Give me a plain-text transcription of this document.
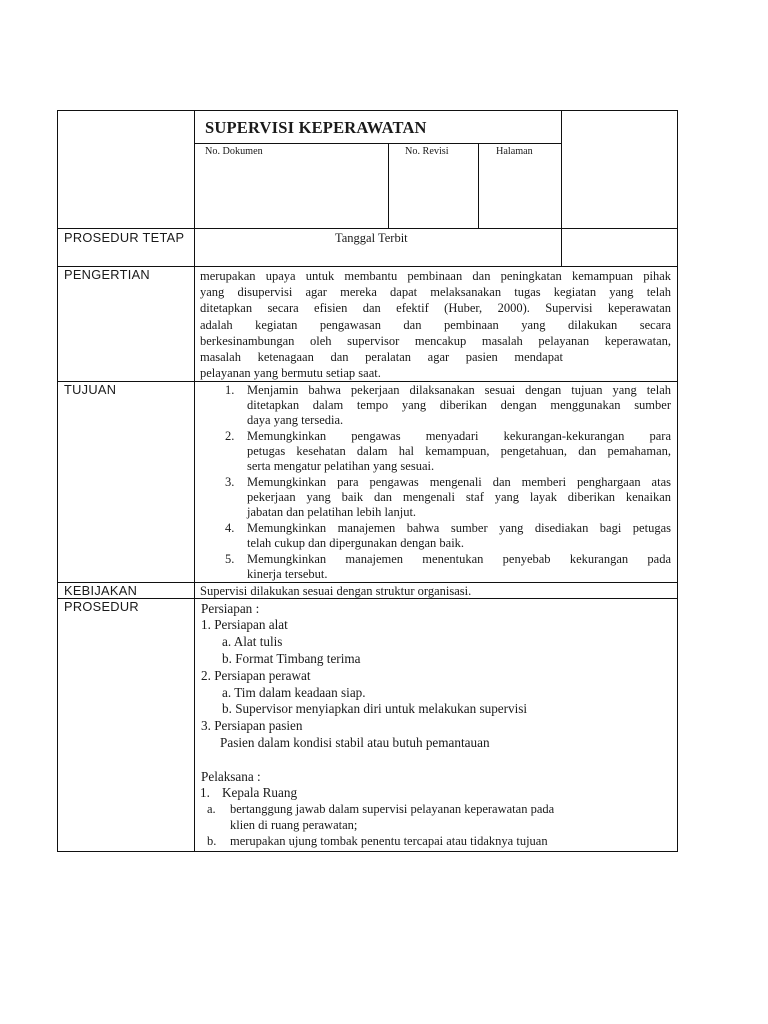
SUPERVISI KEPERAWATAN
No. Dokumen	No. Revisi	Halaman
PROSEDUR TETAP	Tanggal Terbit
PENGERTIAN	merupakan upaya untuk membantu pembinaan dan peningkatan kemampuan pihak
yang disupervisi agar mereka dapat melaksanakan tugas kegiatan yang telah
ditetapkan secara efisien dan efektif (Huber, 2000). Supervisi keperawatan
adalah kegiatan pengawasan dan pembinaan yang dilakukan secara
berkesinambungan oleh supervisor mencakup masalah pelayanan keperawatan,
masalah ketenagaan dan peralatan agar pasien mendapat
pelayanan yang bermutu setiap saat.
TUJUAN	1. Menjamin bahwa pekerjaan dilaksanakan sesuai dengan tujuan yang telah
ditetapkan dalam tempo yang diberikan dengan menggunakan sumber
daya yang tersedia.
2. Memungkinkan pengawas menyadari kekurangan-kekurangan para
petugas kesehatan dalam hal kemampuan, pengetahuan, dan pemahaman,
serta mengatur pelatihan yang sesuai.
3. Memungkinkan para pengawas mengenali dan memberi penghargaan atas
pekerjaan yang baik dan mengenali staf yang layak diberikan kenaikan
jabatan dan pelatihan lebih lanjut.
4. Memungkinkan manajemen bahwa sumber yang disediakan bagi petugas
telah cukup dan dipergunakan dengan baik.
5. Memungkinkan manajemen menentukan penyebab kekurangan pada
kinerja tersebut.
KEBIJAKAN	Supervisi dilakukan sesuai dengan struktur organisasi.
PROSEDUR	Persiapan :
1. Persiapan alat
a. Alat tulis
b. Format Timbang terima
2. Persiapan perawat
a. Tim dalam keadaan siap.
b. Supervisor menyiapkan diri untuk melakukan supervisi
3. Persiapan pasien
Pasien dalam kondisi stabil atau butuh pemantauan
Pelaksana :
1. Kepala Ruang
a. bertanggung jawab dalam supervisi pelayanan keperawatan pada
klien di ruang perawatan;
b. merupakan ujung tombak penentu tercapai atau tidaknya tujuan
